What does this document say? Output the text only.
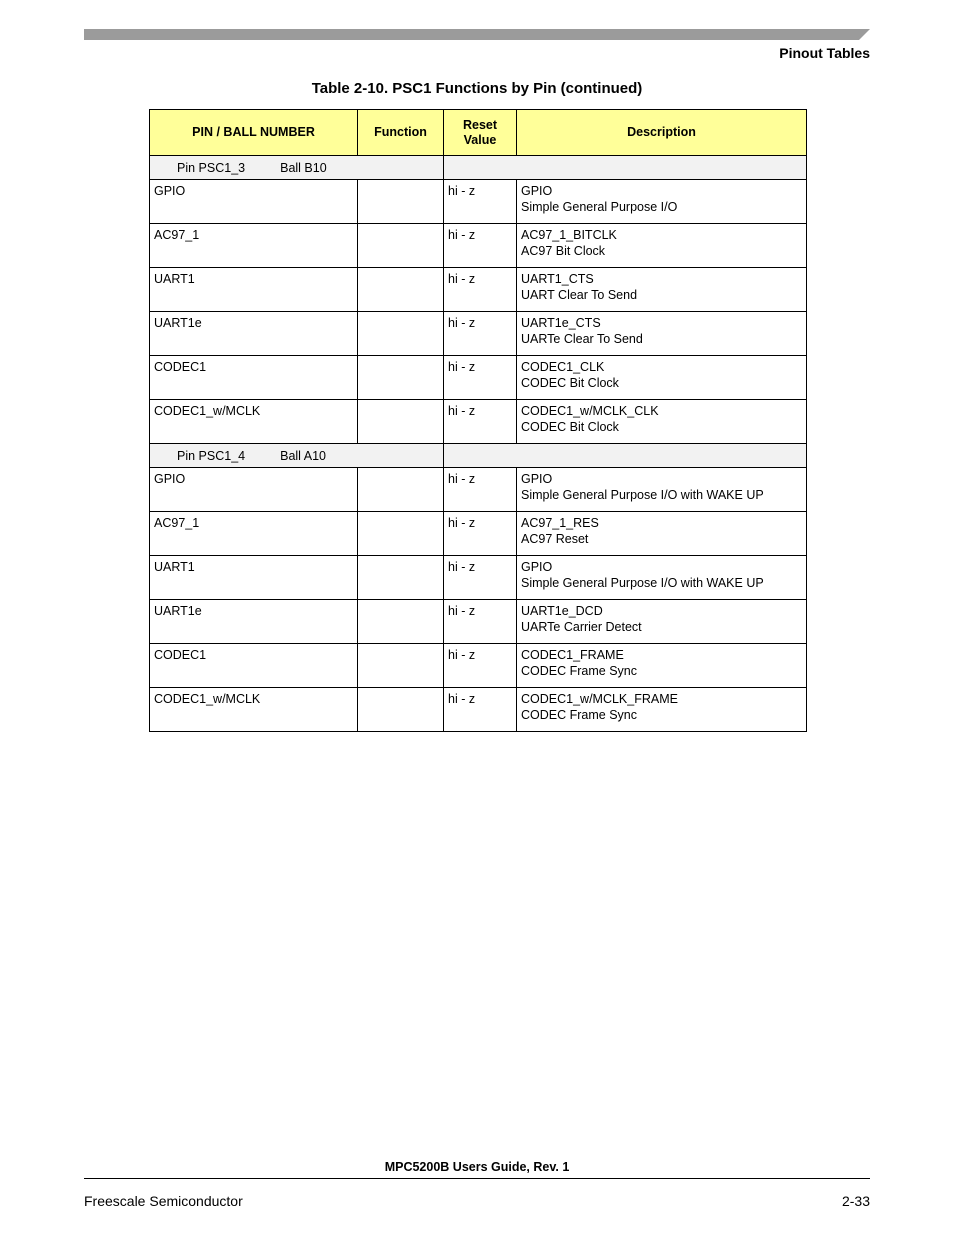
Pinout Tables
Table 2-10. PSC1 Functions by Pin (continued)
PIN / BALL NUMBER	Function	Reset Value	Description
Pin PSC1_3 Ball B10			
GPIO		hi - z	GPIO
Simple General Purpose I/O

AC97_1		hi - z	AC97_1_BITCLK
AC97 Bit Clock

UART1		hi - z	UART1_CTS
UART Clear To Send

UART1e		hi - z	UART1e_CTS
UARTe Clear To Send

CODEC1		hi - z	CODEC1_CLK
CODEC Bit Clock

CODEC1_w/MCLK		hi - z	CODEC1_w/MCLK_CLK
CODEC Bit Clock

Pin PSC1_4 Ball A10			
GPIO		hi - z	GPIO
Simple General Purpose I/O with WAKE UP

AC97_1		hi - z	AC97_1_RES
AC97 Reset

UART1		hi - z	GPIO
Simple General Purpose I/O with WAKE UP

UART1e		hi - z	UART1e_DCD
UARTe Carrier Detect

CODEC1		hi - z	CODEC1_FRAME
CODEC Frame Sync

CODEC1_w/MCLK		hi - z	CODEC1_w/MCLK_FRAME
CODEC Frame Sync
MPC5200B Users Guide, Rev. 1
Freescale Semiconductor	2-33
